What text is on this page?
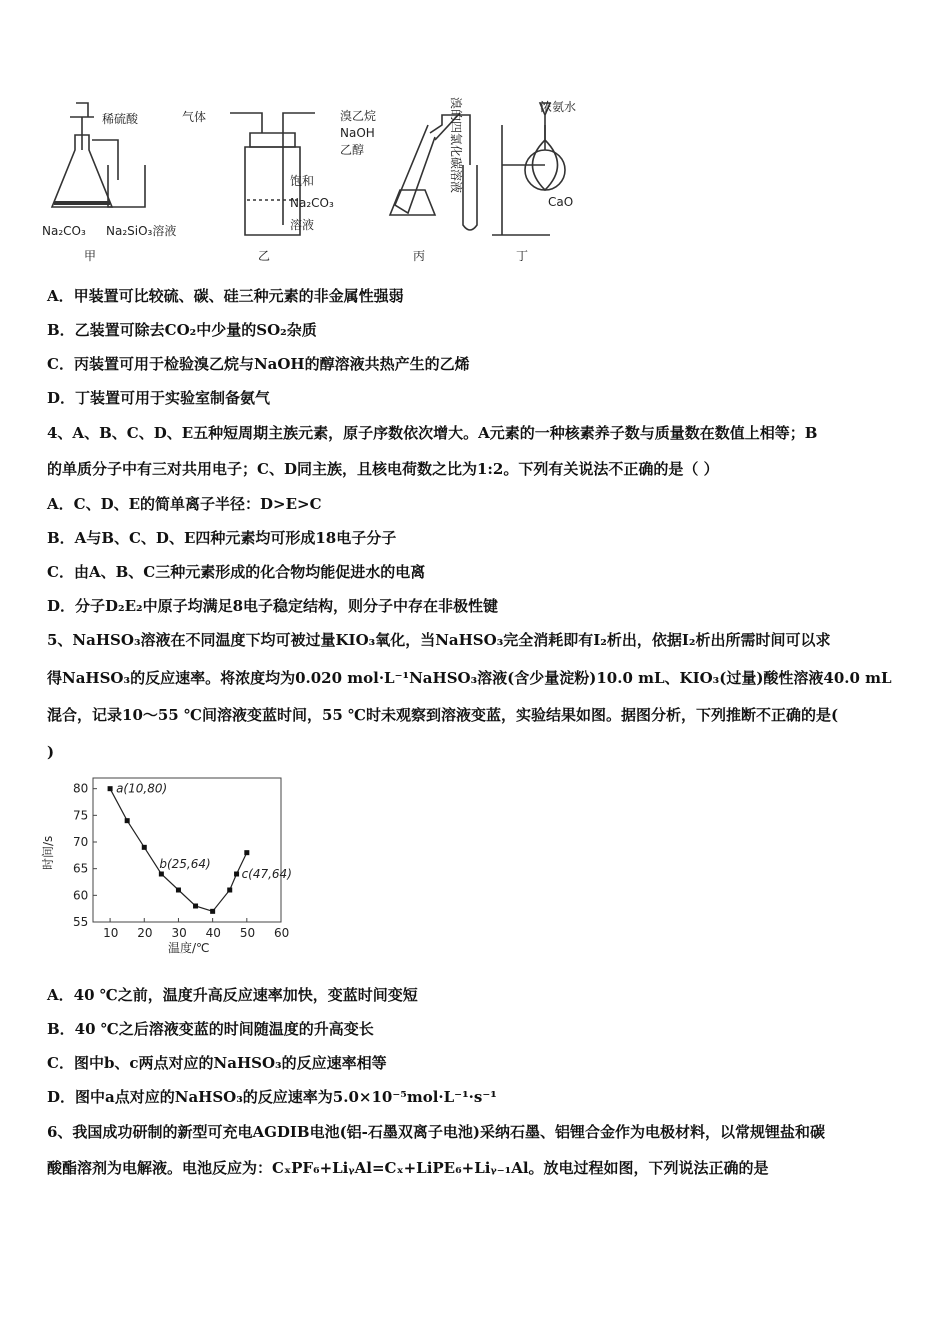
稀硫酸
Na₂CO₃ Na₂SiO₃溶液
甲
气体
饱和
Na₂CO₃
溶液
乙
溴乙烷
NaOH
乙醇	溴的四氯化碳溶液
丙
浓氨水
CaO
丁
A．甲装置可比较硫、碳、硅三种元素的非金属性强弱
B．乙装置可除去CO₂中少量的SO₂杂质
C．丙装置可用于检验溴乙烷与NaOH的醇溶液共热产生的乙烯
D．丁装置可用于实验室制备氨气
4、A、B、C、D、E五种短周期主族元素，原子序数依次增大。A元素的一种核素养子数与质量数在数值上相等；B
的单质分子中有三对共用电子；C、D同主族，且核电荷数之比为1:2。下列有关说法不正确的是（ ）
A．C、D、E的简单离子半径：D>E>C
B．A与B、C、D、E四种元素均可形成18电子分子
C．由A、B、C三种元素形成的化合物均能促进水的电离
D．分子D₂E₂中原子均满足8电子稳定结构，则分子中存在非极性键
5、NaHSO₃溶液在不同温度下均可被过量KIO₃氧化，当NaHSO₃完全消耗即有I₂析出，依据I₂析出所需时间可以求
得NaHSO₃的反应速率。将浓度均为0.020 mol·L⁻¹NaHSO₃溶液(含少量淀粉)10.0 mL、KIO₃(过量)酸性溶液40.0 mL
混合，记录10～55 ℃间溶液变蓝时间，55 ℃时未观察到溶液变蓝，实验结果如图。据图分析，下列推断不正确的是(
)
10 20 30 40 50 60
55
60
65
70
75
80 a(10,80)
b(25,64)
c(47,64)
温度/℃
时间/s
A．40 ℃之前，温度升高反应速率加快，变蓝时间变短
B．40 ℃之后溶液变蓝的时间随温度的升高变长
C．图中b、c两点对应的NaHSO₃的反应速率相等
D．图中a点对应的NaHSO₃的反应速率为5.0×10⁻⁵mol·L⁻¹·s⁻¹
6、我国成功研制的新型可充电AGDIB电池(铝-石墨双离子电池)采纳石墨、铝锂合金作为电极材料，以常规锂盐和碳
酸酯溶剂为电解液。电池反应为：CₓPF₆+LiᵧAl=Cₓ+LiPE₆+Liᵧ₋₁Al。放电过程如图，下列说法正确的是
